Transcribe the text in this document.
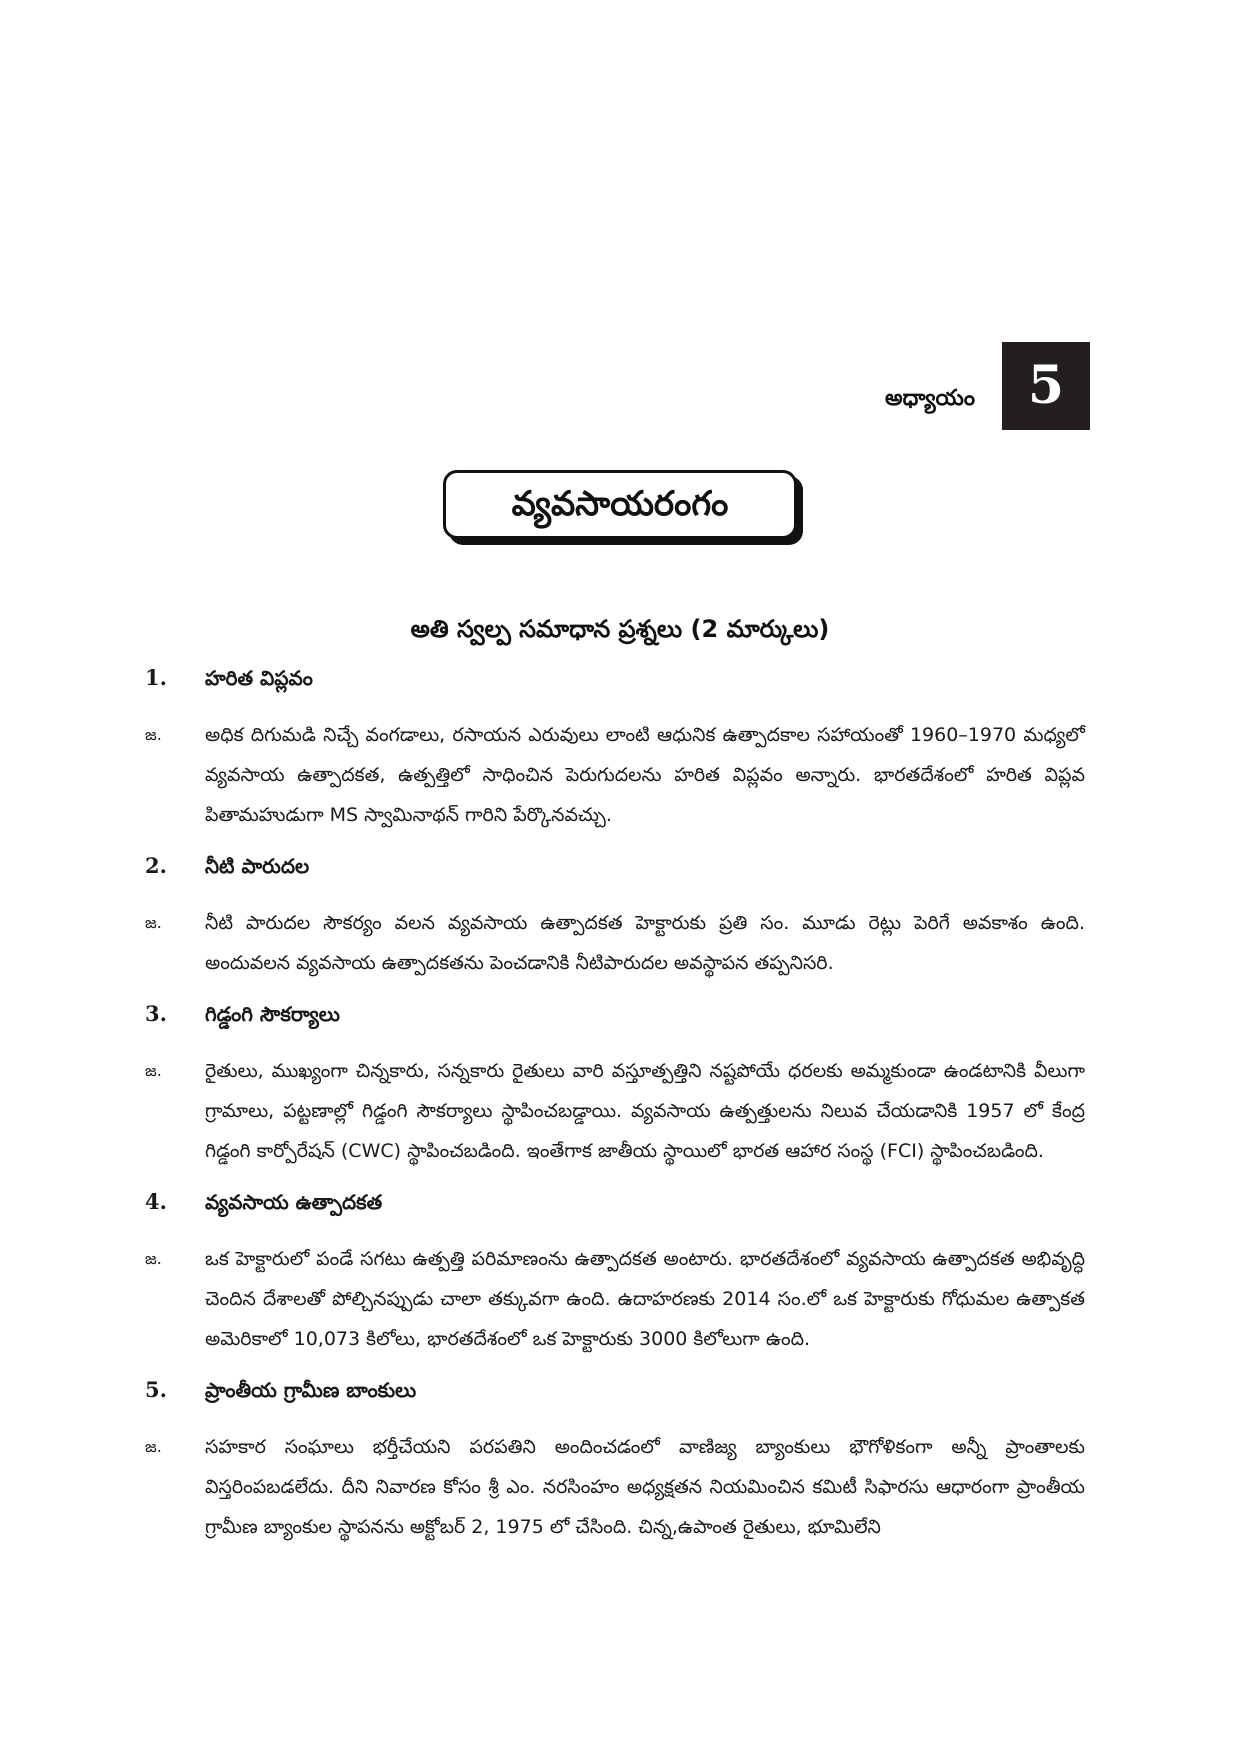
అధ్యాయం	5
వ్యవసాయరంగం
అతి స్వల్ప సమాధాన ప్రశ్నలు (2 మార్కులు)
1.	హరిత విప్లవం
జ.	అధిక దిగుమడి నిచ్చే వంగడాలు, రసాయన ఎరువులు లాంటి ఆధునిక ఉత్పాదకాల సహాయంతో 1960–1970 మధ్యలో వ్యవసాయ ఉత్పాదకత, ఉత్పత్తిలో సాధించిన పెరుగుదలను హరిత విప్లవం అన్నారు. భారతదేశంలో హరిత విప్లవ పితామహుడుగా MS స్వామినాథన్ గారిని పేర్కొనవచ్చు.
2.	నీటి పారుదల
జ.	నీటి పారుదల సౌకర్యం వలన వ్యవసాయ ఉత్పాదకత హెక్టారుకు ప్రతి సం. మూడు రెట్లు పెరిగే అవకాశం ఉంది. అందువలన వ్యవసాయ ఉత్పాదకతను పెంచడానికి నీటిపారుదల అవస్థాపన తప్పనిసరి.
3.	గిడ్డంగి సౌకర్యాలు
జ.	రైతులు, ముఖ్యంగా చిన్నకారు, సన్నకారు రైతులు వారి వస్తూత్పత్తిని నష్టపోయే ధరలకు అమ్మకుండా ఉండటానికి వీలుగా గ్రామాలు, పట్టణాల్లో గిడ్డంగి సౌకర్యాలు స్థాపించబడ్డాయి. వ్యవసాయ ఉత్పత్తులను నిలువ చేయడానికి 1957 లో కేంద్ర గిడ్డంగి కార్పోరేషన్ (CWC) స్థాపించబడింది. ఇంతేగాక జాతీయ స్థాయిలో భారత ఆహార సంస్థ (FCI) స్థాపించబడింది.
4.	వ్యవసాయ ఉత్పాదకత
జ.	ఒక హెక్టారులో పండే సగటు ఉత్పత్తి పరిమాణంను ఉత్పాదకత అంటారు. భారతదేశంలో వ్యవసాయ ఉత్పాదకత అభివృద్ధి చెందిన దేశాలతో పోల్చినప్పుడు చాలా తక్కువగా ఉంది. ఉదాహరణకు 2014 సం.లో ఒక హెక్టారుకు గోధుమల ఉత్పాకత అమెరికాలో 10,073 కిలోలు, భారతదేశంలో ఒక హెక్టారుకు 3000 కిలోలుగా ఉంది.
5.	ప్రాంతీయ గ్రామీణ బాంకులు
జ.	సహకార సంఘాలు భర్తీచేయని పరపతిని అందించడంలో వాణిజ్య బ్యాంకులు భౌగోళికంగా అన్నీ ప్రాంతాలకు విస్తరింపబడలేదు. దీని నివారణ కోసం శ్రీ ఎం. నరసింహం అధ్యక్షతన నియమించిన కమిటీ సిఫారసు ఆధారంగా ప్రాంతీయ గ్రామీణ బ్యాంకుల స్థాపనను అక్టోబర్ 2, 1975 లో చేసింది. చిన్న,ఉపాంత రైతులు, భూమిలేని
